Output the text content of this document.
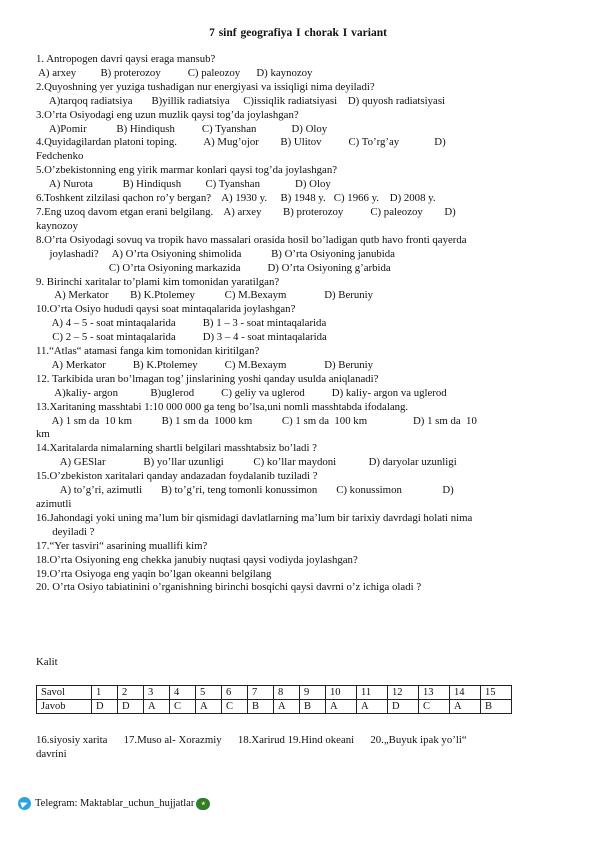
7 sinf geografiya I chorak I variant
1. Antropogen davri qaysi eraga mansub?
A) arxey         B) proterozoy          C) paleozoy      D) kaynozoy
2.Quyoshning yer yuziga tushadigan nur energiyasi va issiqligi nima deyiladi?
A)tarqoq radiatsiya       B)yillik radiatsiya     C)issiqlik radiatsiyasi    D) quyosh radiatsiyasi
3.O’rta Osiyodagi eng uzun muzlik qaysi tog’da joylashgan?
A)Pomir           B) Hindiqush          C) Tyanshan             D) Oloy
4.Quyidagilardan platoni toping.          A) Mug’ojor        B) Ulitov          C) To’rg’ay             D)
Fedchenko
5.O’zbekistonning eng yirik marmar konlari qaysi tog’da joylashgan?
A) Nurota           B) Hindiqush         C) Tyanshan             D) Oloy
6.Toshkent zilzilasi qachon ro’y bergan?    A) 1930 y.     B) 1948 y.   C) 1966 y.    D) 2008 y.
7.Eng uzoq davom etgan erani belgilang.    A) arxey        B) proterozoy          C) paleozoy        D)
kaynozoy
8.O’rta Osiyodagi sovuq va tropik havo massalari orasida hosil bo’ladigan qutb havo fronti qayerda
joylashadi?     A) O’rta Osiyoning shimolida           B) O’rta Osiyoning janubida
C) O’rta Osiyoning markazida          D) O’rta Osiyoning g’arbida
9. Birinchi xaritalar to’plami kim tomonidan yaratilgan?
A) Merkator        B) K.Ptolemey           C) M.Bexaym              D) Beruniy
10.O’rta Osiyo hududi qaysi soat mintaqalarida joylashgan?
A) 4 – 5 - soat mintaqalarida          B) 1 – 3 - soat mintaqalarida
C) 2 – 5 - soat mintaqalarida          D) 3 – 4 - soat mintaqalarida
11.“Atlas“ atamasi fanga kim tomonidan kiritilgan?
A) Merkator          B) K.Ptolemey          C) M.Bexaym              D) Beruniy
12. Tarkibida uran bo’lmagan tog’ jinslarining yoshi qanday usulda aniqlanadi?
A)kaliy- argon            B)uglerod          C) geliy va uglerod          D) kaliy- argon va uglerod
13.Xaritaning masshtabi 1:10 000 000 ga teng bo’lsa,uni nomli masshtabda ifodalang.
A) 1 sm da  10 km           B) 1 sm da  1000 km           C) 1 sm da  100 km                 D) 1 sm da  10
km
14.Xaritalarda nimalarning shartli belgilari masshtabsiz bo’ladi ?
A) GESlar              B) yo’llar uzunligi           C) ko’llar maydoni            D) daryolar uzunligi
15.O’zbekiston xaritalari qanday andazadan foydalanib tuziladi ?
A) to’g’ri, azimutli       B) to’g’ri, teng tomonli konussimon       C) konussimon               D)
azimutli
16.Jahondagi yoki uning ma’lum bir qismidagi davlatlarning ma’lum bir tarixiy davrdagi holati nima
deyiladi ?
17.“Yer tasviri“ asarining muallifi kim?
18.O’rta Osiyoning eng chekka janubiy nuqtasi qaysi vodiyda joylashgan?
19.O’rta Osiyoga eng yaqin bo’lgan okeanni belgilang
20. O’rta Osiyo tabiatinini o’rganishning birinchi bosqichi qaysi davrni o’z ichiga oladi ?
Kalit
Savol	1	2	3	4	5	6	7	8	9	10	11	12	13	14	15
Javob	D	D	A	C	A	C	B	A	B	A	A	D	C	A	B
16.siyosiy xarita      17.Muso al- Xorazmiy      18.Xarirud 19.Hind okeani      20.„Buyuk ipak yo’li“
davrini
Telegram: Maktablar_uchun_hujjatlar	★
